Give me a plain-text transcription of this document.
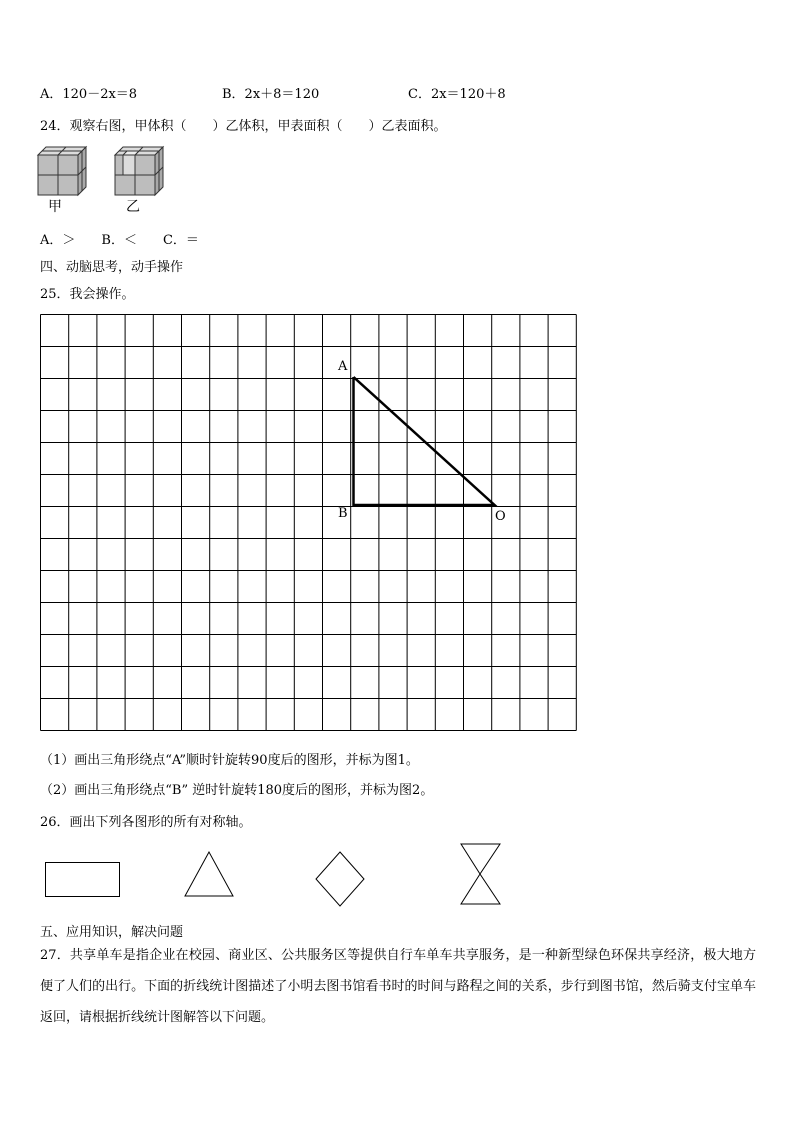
A．120－2x＝8	B．2x＋8＝120	C．2x＝120＋8
24．观察右图，甲体积（　　）乙体积，甲表面积（　　）乙表面积。
甲	乙
A．＞　　B．＜　　C．＝
四、动脑思考，动手操作
25．我会操作。
A
B	O
（1）画出三角形绕点“A”顺时针旋转90度后的图形，并标为图1。
（2）画出三角形绕点“B” 逆时针旋转180度后的图形，并标为图2。
26．画出下列各图形的所有对称轴。
五、应用知识，解决问题
27．共享单车是指企业在校园、商业区、公共服务区等提供自行车单车共享服务，是一种新型绿色环保共享经济，极大地方便了人们的出行。下面的折线统计图描述了小明去图书馆看书时的时间与路程之间的关系，步行到图书馆，然后骑支付宝单车返回，请根据折线统计图解答以下问题。
